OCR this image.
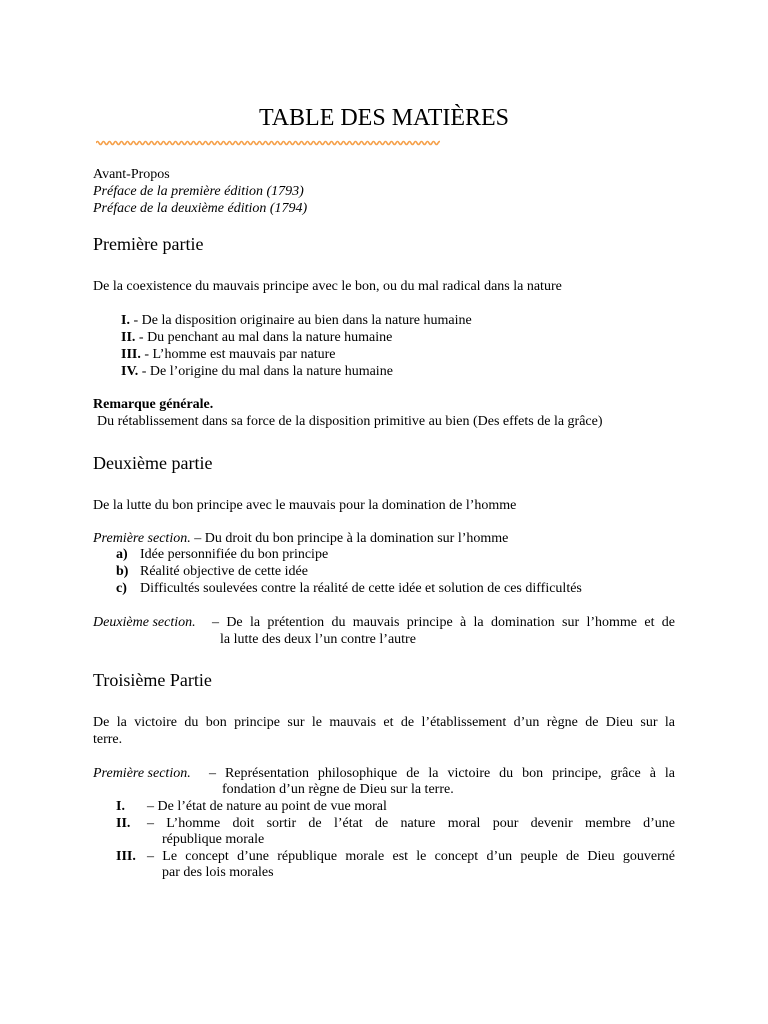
TABLE DES MATIÈRES
Avant-Propos
Préface de la première édition (1793)
Préface de la deuxième édition (1794)
Première partie
De la coexistence du mauvais principe avec le bon, ou du mal radical dans la nature
I. - De la disposition originaire au bien dans la nature humaine
II. - Du penchant au mal dans la nature humaine
III. - L’homme est mauvais par nature
IV. - De l’origine du mal dans la nature humaine
Remarque générale.
Du rétablissement dans sa force de la disposition primitive au bien (Des effets de la grâce)
Deuxième partie
De la lutte du bon principe avec le mauvais pour la domination de l’homme
Première section. – Du droit du bon principe à la domination sur l’homme
a) Idée personnifiée du bon principe
b) Réalité objective de cette idée
c) Difficultés soulevées contre la réalité de cette idée et solution de ces difficultés
Deuxième section. – De la prétention du mauvais principe à la domination sur l’homme et de
la lutte des deux l’un contre l’autre
Troisième Partie
De la victoire du bon principe sur le mauvais et de l’établissement d’un règne de Dieu sur la
terre.
Première section. – Représentation philosophique de la victoire du bon principe, grâce à la
fondation d’un règne de Dieu sur la terre.
I. – De l’état de nature au point de vue moral
II. – L’homme doit sortir de l’état de nature moral pour devenir membre d’une
république morale
III. – Le concept d’une république morale est le concept d’un peuple de Dieu gouverné
par des lois morales
